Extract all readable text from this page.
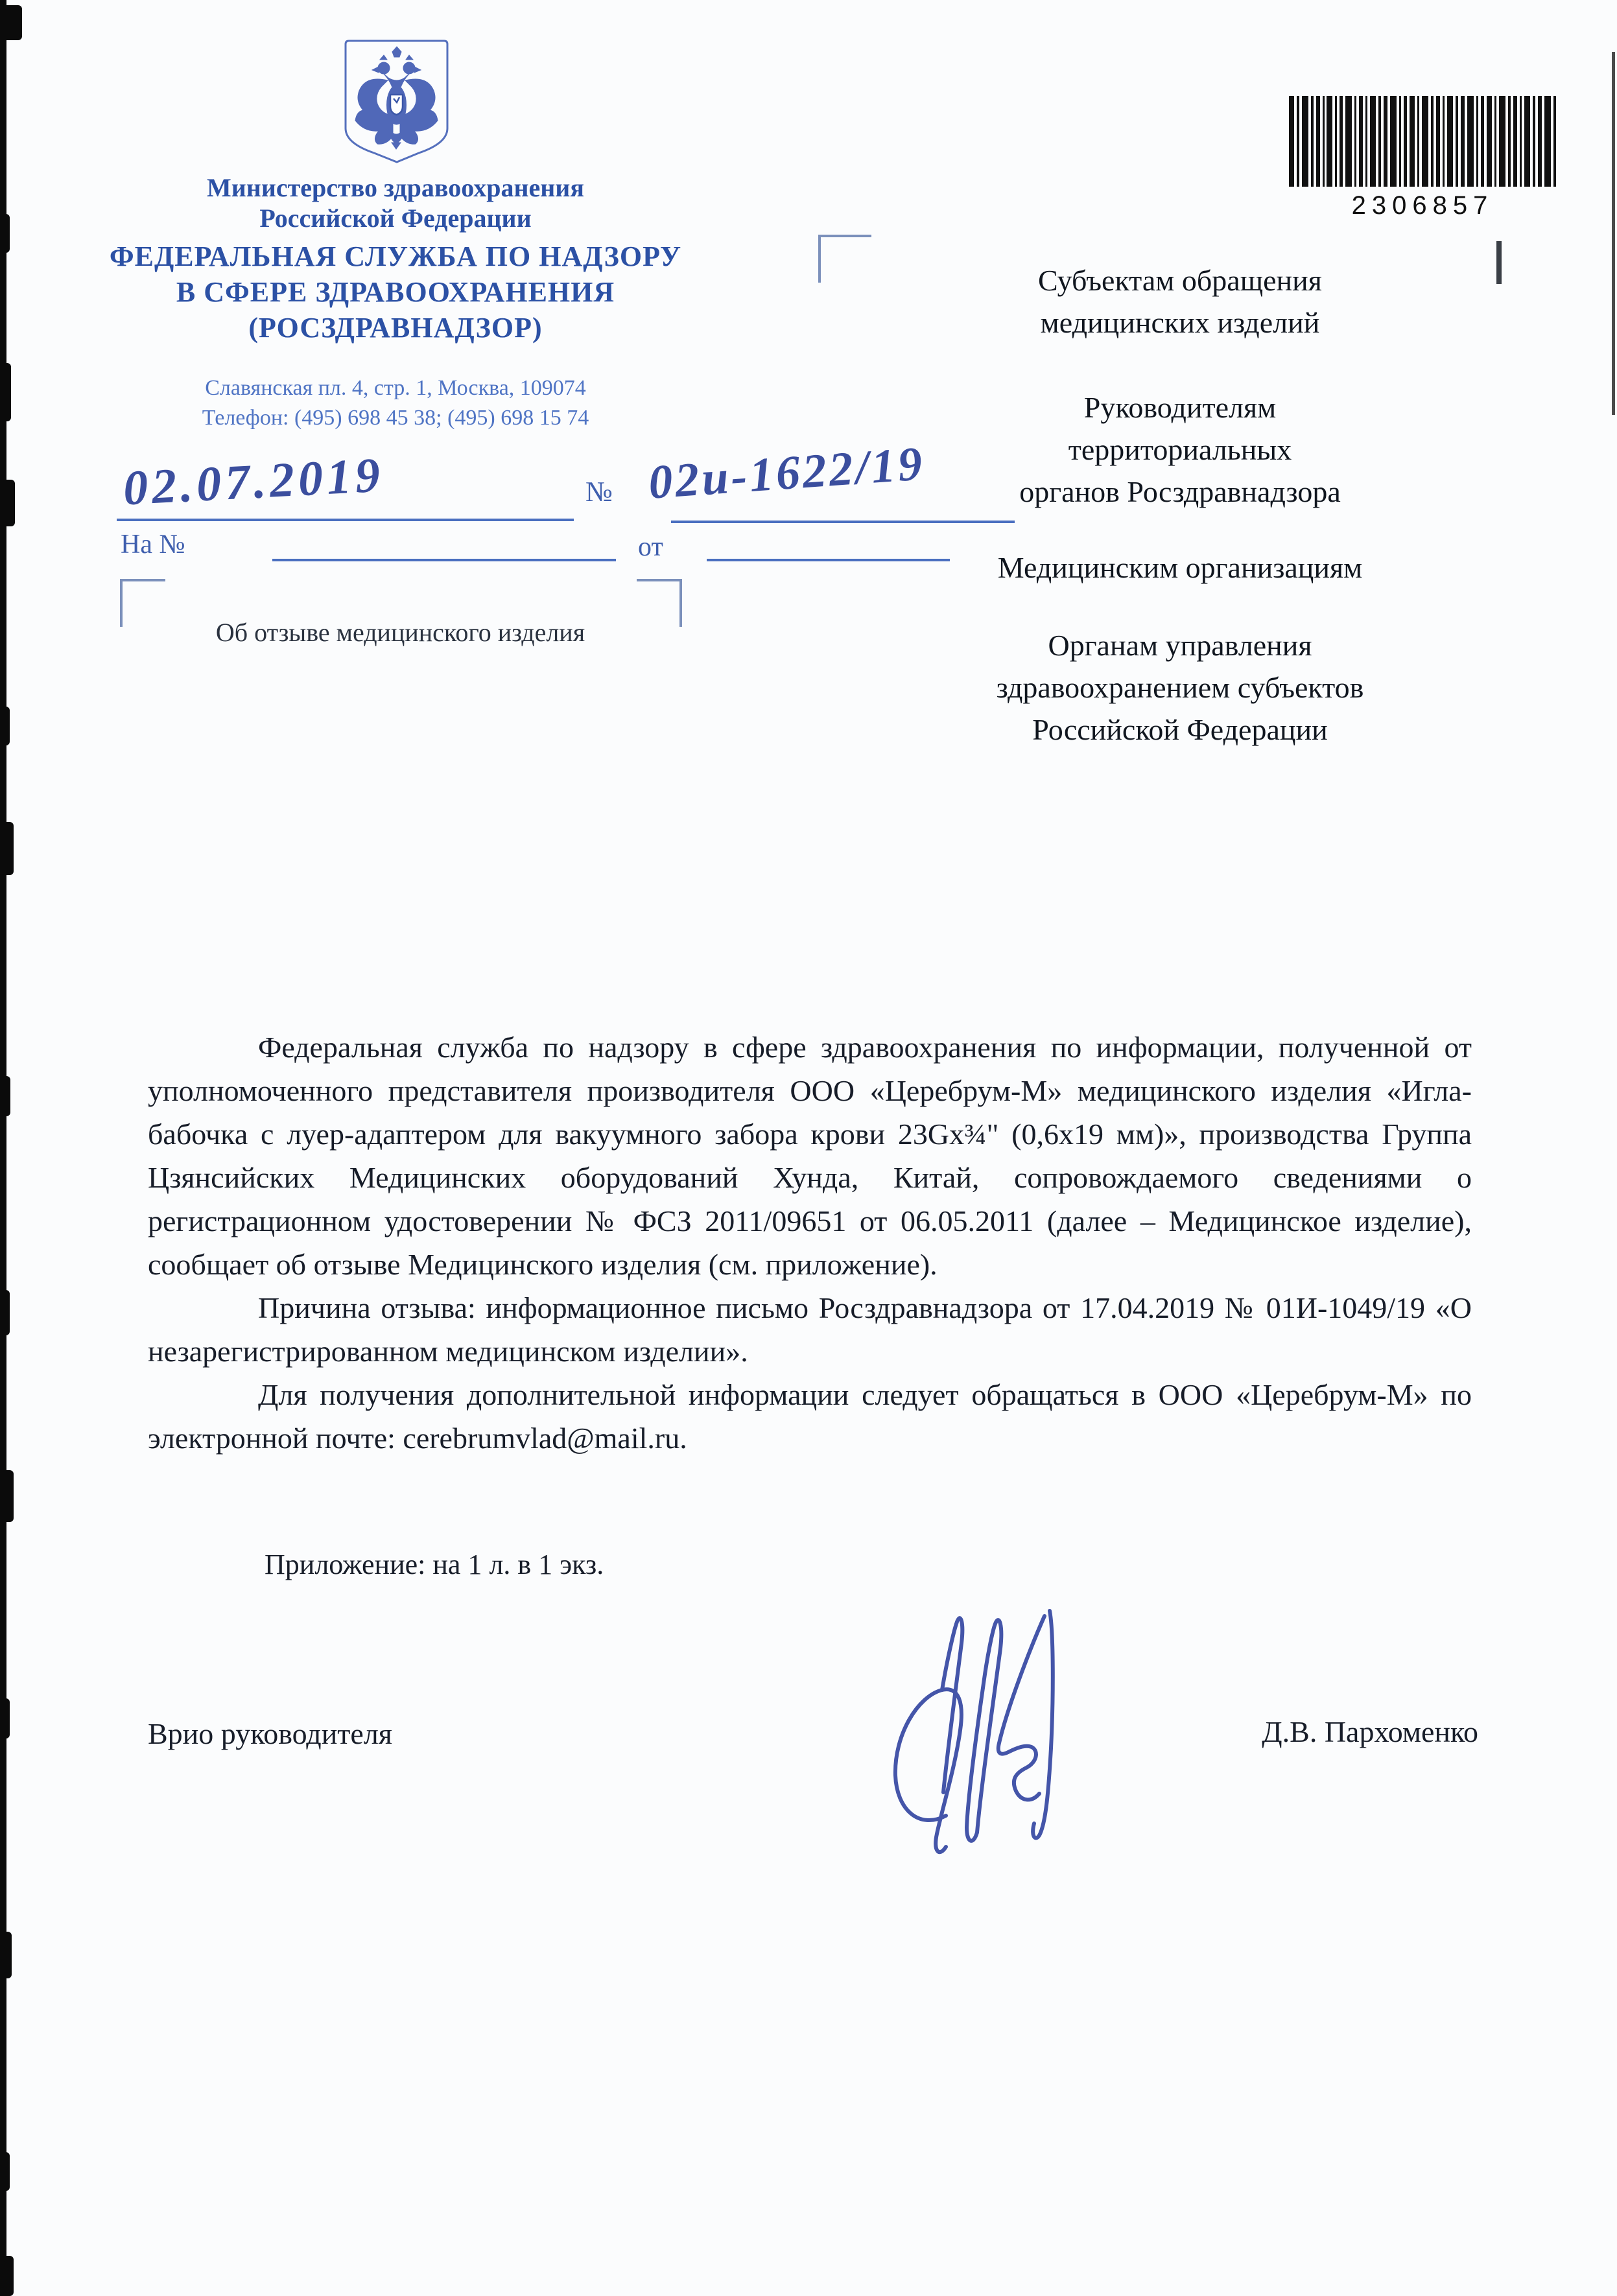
Министерство здравоохранения
Российской Федерации
ФЕДЕРАЛЬНАЯ СЛУЖБА ПО НАДЗОРУ
В СФЕРЕ ЗДРАВООХРАНЕНИЯ
(РОСЗДРАВНАДЗОР)
Славянская пл. 4, стр. 1, Москва, 109074
Телефон: (495) 698 45 38; (495) 698 15 74
2306857
Субъектам обращения
медицинских изделий
Руководителям
территориальных
органов Росздравнадзора
Медицинским организациям
Органам управления
здравоохранением субъектов
Российской Федерации
02.07.2019	№ 02и-1622/19
На №	от
Об отзыве медицинского изделия

Федеральная служба по надзору в сфере здравоохранения по информации, полученной от уполномоченного представителя производителя ООО «Церебрум-М» медицинского изделия «Игла-бабочка с луер-адаптером для вакуумного забора крови 23Gx¾" (0,6x19 мм)», производства Группа Цзянсийских Медицинских оборудований Хунда, Китай, сопровождаемого сведениями о регистрационном удостоверении № ФСЗ 2011/09651 от 06.05.2011 (далее – Медицинское изделие), сообщает об отзыве Медицинского изделия (см. приложение).

Причина отзыва: информационное письмо Росздравнадзора от 17.04.2019 № 01И-1049/19 «О незарегистрированном медицинском изделии».

Для получения дополнительной информации следует обращаться в ООО «Церебрум-М» по электронной почте: cerebrumvlad@mail.ru.

Приложение: на 1 л. в 1 экз.
Врио руководителя	Д.В. Пархоменко
